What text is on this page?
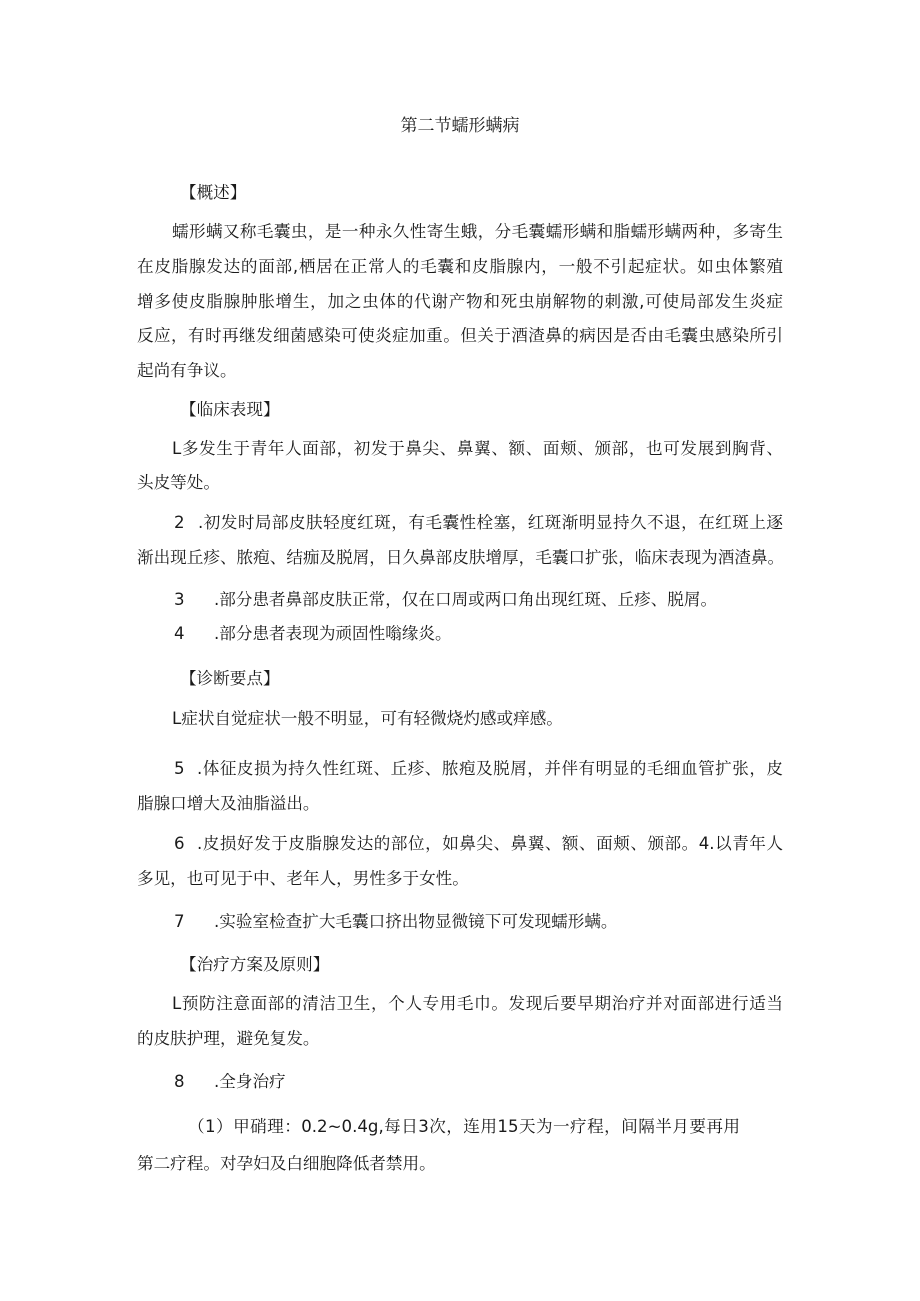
第二节蠕形螨病
【概述】
蠕形螨又称毛囊虫，是一种永久性寄生蛾，分毛囊蠕形螨和脂蠕形螨两种，多寄生
在皮脂腺发达的面部,栖居在正常人的毛囊和皮脂腺内，一般不引起症状。如虫体繁殖
增多使皮脂腺肿胀增生，加之虫体的代谢产物和死虫崩解物的刺激,可使局部发生炎症
反应，有时再继发细菌感染可使炎症加重。但关于酒渣鼻的病因是否由毛囊虫感染所引
起尚有争议。
【临床表现】
L多发生于青年人面部，初发于鼻尖、鼻翼、额、面颊、颁部，也可发展到胸背、
头皮等处。
2 .初发时局部皮肤轻度红斑，有毛囊性栓塞，红斑渐明显持久不退，在红斑上逐
渐出现丘疹、脓疱、结痂及脱屑，日久鼻部皮肤增厚，毛囊口扩张，临床表现为酒渣鼻。
3 .部分患者鼻部皮肤正常，仅在口周或两口角出现红斑、丘疹、脱屑。
4 .部分患者表现为顽固性嗡缘炎。
【诊断要点】
L症状自觉症状一般不明显，可有轻微烧灼感或痒感。
5 .体征皮损为持久性红斑、丘疹、脓疱及脱屑，并伴有明显的毛细血管扩张，皮
脂腺口增大及油脂溢出。
6 .皮损好发于皮脂腺发达的部位，如鼻尖、鼻翼、额、面颊、颁部。4.以青年人
多见，也可见于中、老年人，男性多于女性。
7 .实验室检查扩大毛囊口挤出物显微镜下可发现蠕形螨。
【治疗方案及原则】
L预防注意面部的清洁卫生，个人专用毛巾。发现后要早期治疗并对面部进行适当
的皮肤护理，避免复发。
8 .全身治疗
（1）甲硝理：0.2~0.4g,每日3次，连用15天为一疗程，间隔半月要再用
第二疗程。对孕妇及白细胞降低者禁用。
